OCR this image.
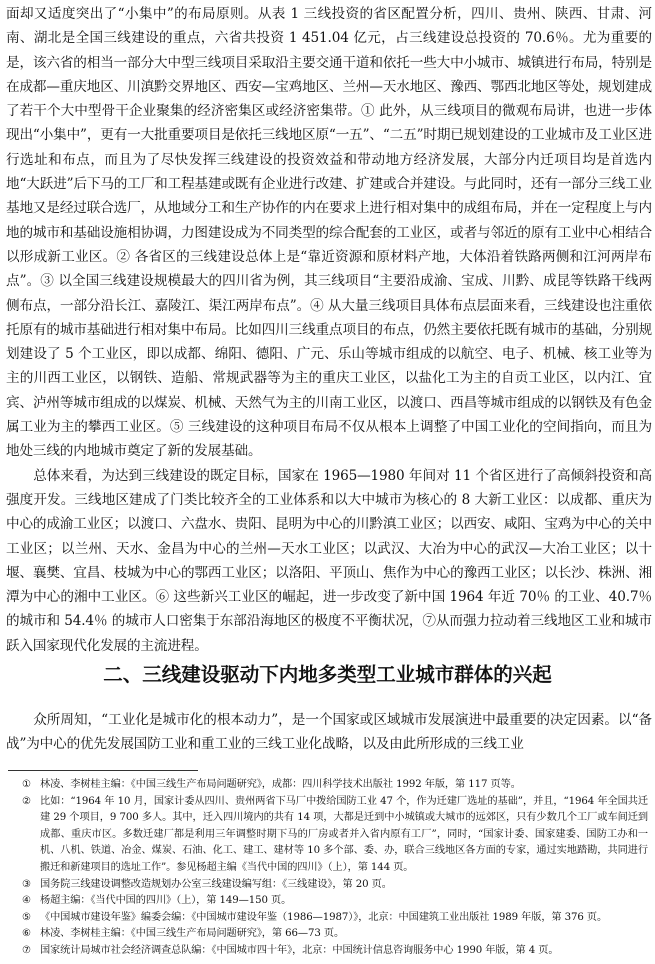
面却又适度突出了“小集中”的布局原则。从表 1 三线投资的省区配置分析，四川、贵州、陕西、甘肃、河南、湖北是全国三线建设的重点，六省共投资 1 451.04 亿元，占三线建设总投资的 70.6％。尤为重要的是，该六省的相当一部分大中型三线项目采取沿主要交通干道和依托一些大中小城市、城镇进行布局，特别是在成都—重庆地区、川滇黔交界地区、西安—宝鸡地区、兰州—天水地区、豫西、鄂西北地区等处，规划建成了若干个大中型骨干企业聚集的经济密集区或经济密集带。① 此外，从三线项目的微观布局讲，也进一步体现出“小集中”，更有一大批重要项目是依托三线地区原“一五”、“二五”时期已规划建设的工业城市及工业区进行选址和布点，而且为了尽快发挥三线建设的投资效益和带动地方经济发展，大部分内迁项目均是首选内地“大跃进”后下马的工厂和工程基建或既有企业进行改建、扩建或合并建设。与此同时，还有一部分三线工业基地又是经过联合选厂，从地域分工和生产协作的内在要求上进行相对集中的成组布局，并在一定程度上与内地的城市和基础设施相协调，力图建设成为不同类型的综合配套的工业区，或者与邻近的原有工业中心相结合以形成新工业区。② 各省区的三线建设总体上是“靠近资源和原材料产地，大体沿着铁路两侧和江河两岸布点”。③ 以全国三线建设规模最大的四川省为例，其三线项目“主要沿成渝、宝成、川黔、成昆等铁路干线两侧布点，一部分沿长江、嘉陵江、渠江两岸布点”。④ 从大量三线项目具体布点层面来看，三线建设也注重依托原有的城市基础进行相对集中布局。比如四川三线重点项目的布点，仍然主要依托既有城市的基础，分别规划建设了 5 个工业区，即以成都、绵阳、德阳、广元、乐山等城市组成的以航空、电子、机械、核工业等为主的川西工业区，以钢铁、造船、常规武器等为主的重庆工业区，以盐化工为主的自贡工业区，以内江、宜宾、泸州等城市组成的以煤炭、机械、天然气为主的川南工业区，以渡口、西昌等城市组成的以钢铁及有色金属工业为主的攀西工业区。⑤ 三线建设的这种项目布局不仅从根本上调整了中国工业化的空间指向，而且为地处三线的内地城市奠定了新的发展基础。

总体来看，为达到三线建设的既定目标，国家在 1965—1980 年间对 11 个省区进行了高倾斜投资和高强度开发。三线地区建成了门类比较齐全的工业体系和以大中城市为核心的 8 大新工业区：以成都、重庆为中心的成渝工业区；以渡口、六盘水、贵阳、昆明为中心的川黔滇工业区；以西安、咸阳、宝鸡为中心的关中工业区；以兰州、天水、金昌为中心的兰州—天水工业区；以武汉、大冶为中心的武汉—大冶工业区；以十堰、襄樊、宜昌、枝城为中心的鄂西工业区；以洛阳、平顶山、焦作为中心的豫西工业区；以长沙、株洲、湘潭为中心的湘中工业区。⑥ 这些新兴工业区的崛起，进一步改变了新中国 1964 年近 70％ 的工业、40.7％ 的城市和 54.4％ 的城市人口密集于东部沿海地区的极度不平衡状况，⑦从而强力拉动着三线地区工业和城市跃入国家现代化发展的主流进程。

二、三线建设驱动下内地多类型工业城市群体的兴起

众所周知，“工业化是城市化的根本动力”，是一个国家或区域城市发展演进中最重要的决定因素。以“备战”为中心的优先发展国防工业和重工业的三线工业化战略，以及由此所形成的三线工业

① 林凌、李树桂主编：《中国三线生产布局问题研究》，成都：四川科学技术出版社 1992 年版，第 117 页等。
② 比如：“1964 年 10 月，国家计委从四川、贵州两省下马厂中拨给国防工业 47 个，作为迁建厂选址的基础”，并且，“1964 年全国共迁建 29 个项目，9 700 多人。其中，迁入四川境内的共有 14 项，大都是迁到中小城镇或大城市的远郊区，只有少数几个工厂或车间迁到成都、重庆市区。多数迁建厂都是利用三年调整时期下马的厂房或者并入省内原有工厂”，同时，“国家计委、国家建委、国防工办和一机、八机、铁道、冶金、煤炭、石油、化工、建工、建材等 10 多个部、委、办，联合三线地区各方面的专家，通过实地踏勘，共同进行搬迁和新建项目的选址工作”。参见杨超主编《当代中国的四川》（上），第 144 页。
③ 国务院三线建设调整改造规划办公室三线建设编写组：《三线建设》，第 20 页。
④ 杨超主编：《当代中国的四川》（上），第 149—150 页。
⑤ 《中国城市建设年鉴》编委会编：《中国城市建设年鉴（1986—1987）》，北京：中国建筑工业出版社 1989 年版，第 376 页。
⑥ 林凌、李树桂主编：《中国三线生产布局问题研究》，第 66—73 页。
⑦ 国家统计局城市社会经济调查总队编：《中国城市四十年》，北京：中国统计信息咨询服务中心 1990 年版，第 4 页。
